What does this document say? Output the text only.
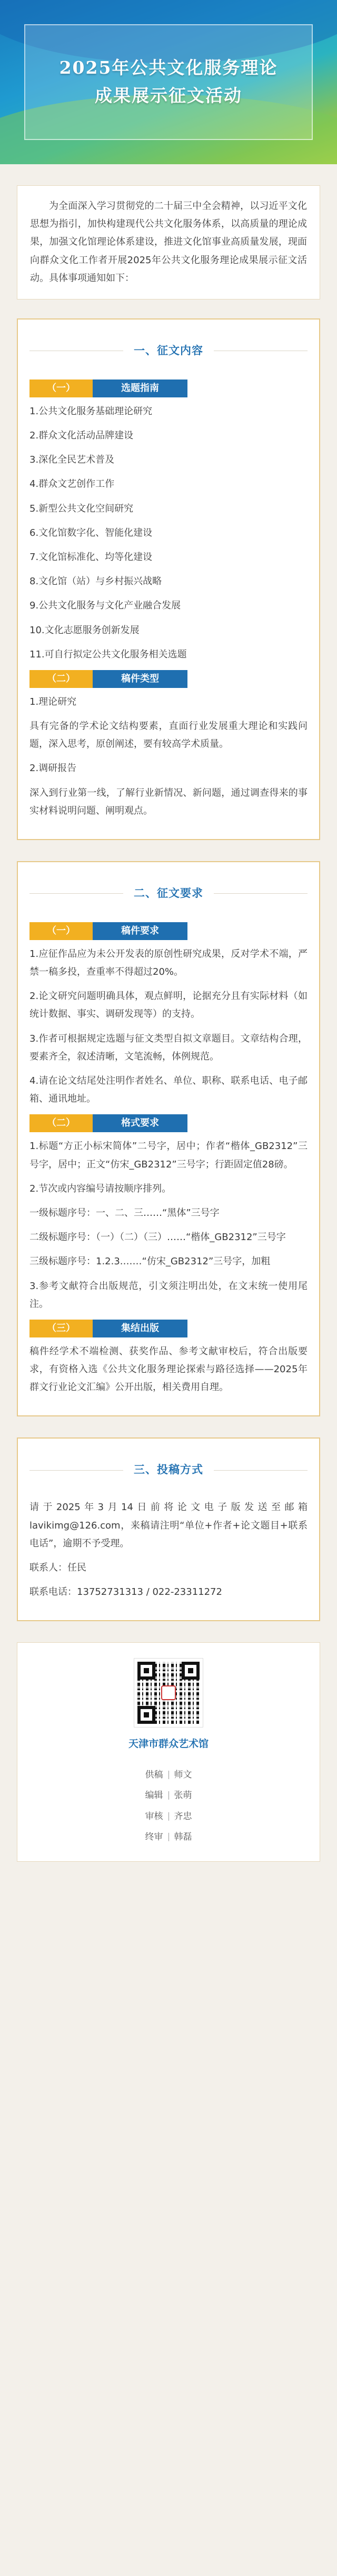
2025年公共文化服务理论
成果展示征文活动
为全面深入学习贯彻党的二十届三中全会精神，以习近平文化思想为指引，加快构建现代公共文化服务体系，以高质量的理论成果，加强文化馆理论体系建设，推进文化馆事业高质量发展，现面向群众文化工作者开展2025年公共文化服务理论成果展示征文活动。具体事项通知如下：
一、征文内容
（一）	选题指南
1.公共文化服务基础理论研究
2.群众文化活动品牌建设
3.深化全民艺术普及
4.群众文艺创作工作
5.新型公共文化空间研究
6.文化馆数字化、智能化建设
7.文化馆标准化、均等化建设
8.文化馆（站）与乡村振兴战略
9.公共文化服务与文化产业融合发展
10.文化志愿服务创新发展
11.可自行拟定公共文化服务相关选题
（二）	稿件类型
1.理论研究
具有完备的学术论文结构要素，直面行业发展重大理论和实践问题，深入思考，原创阐述，要有较高学术质量。
2.调研报告
深入到行业第一线，了解行业新情况、新问题，通过调查得来的事实材料说明问题、阐明观点。
二、征文要求
（一）	稿件要求
1.应征作品应为未公开发表的原创性研究成果，反对学术不端，严禁一稿多投，查重率不得超过20%。
2.论文研究问题明确具体，观点鲜明，论据充分且有实际材料（如统计数据、事实、调研发现等）的支持。
3.作者可根据规定选题与征文类型自拟文章题目。文章结构合理，要素齐全，叙述清晰，文笔流畅，体例规范。
4.请在论文结尾处注明作者姓名、单位、职称、联系电话、电子邮箱、通讯地址。
（二）	格式要求
1.标题“方正小标宋简体”二号字，居中；作者“楷体_GB2312”三号字，居中；正文“仿宋_GB2312”三号字；行距固定值28磅。
2.节次或内容编号请按顺序排列。
一级标题序号：一、二、三……“黑体”三号字
二级标题序号：（一）（二）（三）……“楷体_GB2312”三号字
三级标题序号：1.2.3.……“仿宋_GB2312”三号字，加粗
3.参考文献符合出版规范，引文须注明出处，在文末统一使用尾注。
（三）	集结出版
稿件经学术不端检测、获奖作品、参考文献审校后，符合出版要求，有资格入选《公共文化服务理论探索与路径选择——2025年群文行业论文汇编》公开出版，相关费用自理。
三、投稿方式
请于2025年3月14日前将论文电子版发送至邮箱lavikimg@126.com，来稿请注明“单位+作者+论文题目+联系电话”，逾期不予受理。
联系人：任民
联系电话：13752731313 / 022-23311272
天津市群众艺术馆
供稿 师文
编辑 张萌
审核 齐忠
终审 韩磊
